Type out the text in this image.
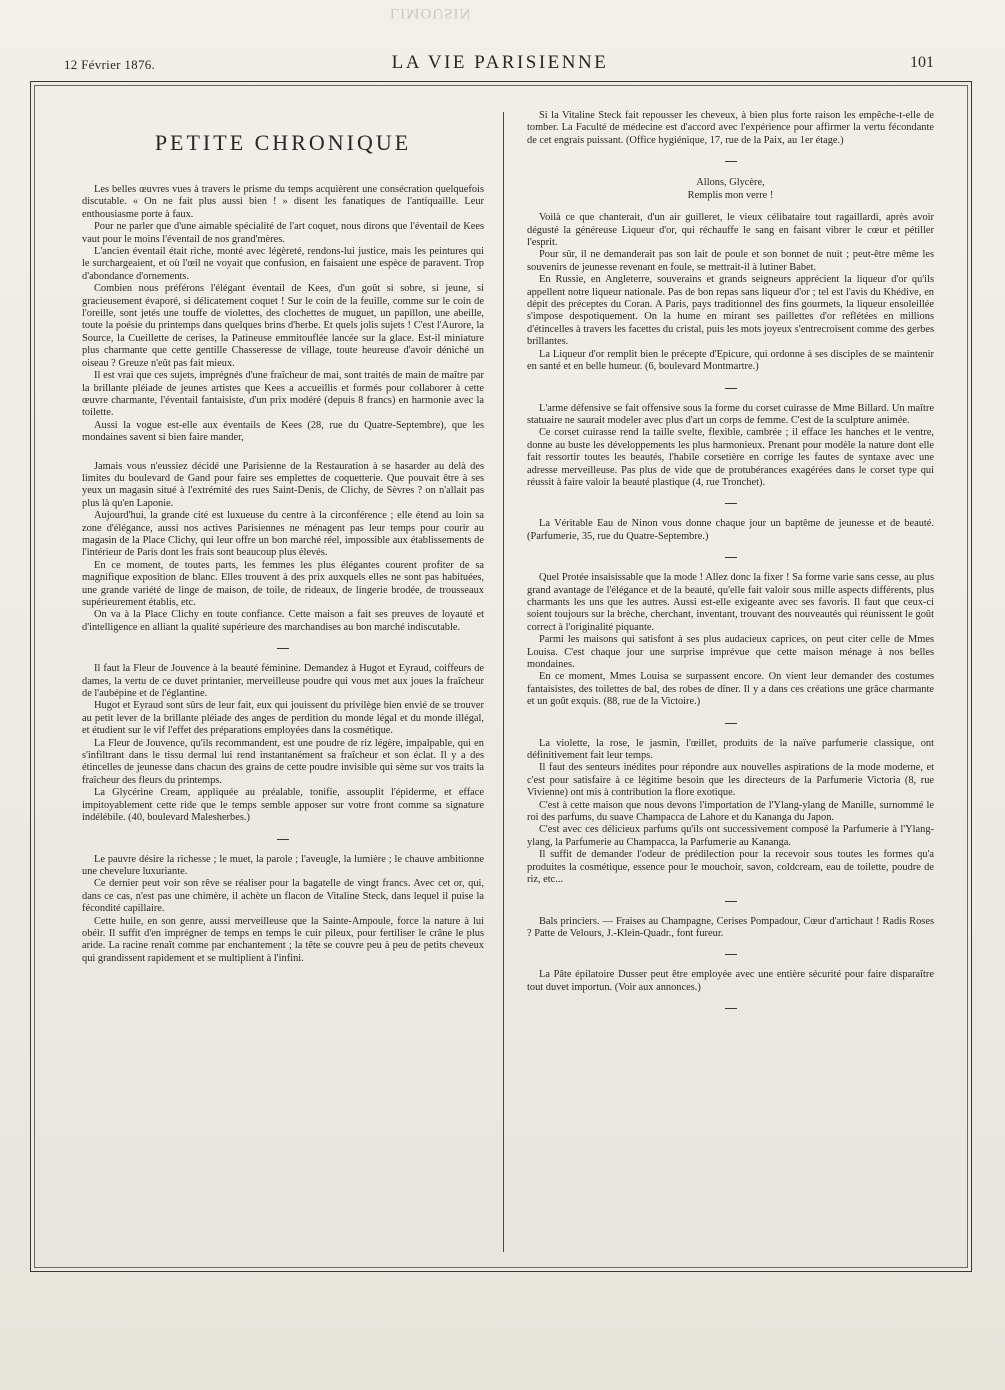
LIMOUSIN
12 Février 1876.	LA VIE PARISIENNE	101
PETITE CHRONIQUE

Les belles œuvres vues à travers le prisme du temps acquièrent une consécration quelquefois discutable. « On ne fait plus aussi bien ! » disent les fanatiques de l'antiquaille. Leur enthousiasme porte à faux.

Pour ne parler que d'une aimable spécialité de l'art coquet, nous dirons que l'éventail de Kees vaut pour le moins l'éventail de nos grand'mères.

L'ancien éventail était riche, monté avec légèreté, rendons-lui justice, mais les peintures qui le surchargeaient, et où l'œil ne voyait que confusion, en faisaient une espèce de paravent. Trop d'abondance d'ornements.

Combien nous préférons l'élégant éventail de Kees, d'un goût si sobre, si jeune, si gracieusement évaporé, si délicatement coquet ! Sur le coin de la feuille, comme sur le coin de l'oreille, sont jetés une touffe de violettes, des clochettes de muguet, un papillon, une abeille, toute la poésie du printemps dans quelques brins d'herbe. Et quels jolis sujets ! C'est l'Aurore, la Source, la Cueillette de cerises, la Patineuse emmitouflée lancée sur la glace. Est-il miniature plus charmante que cette gentille Chasseresse de village, toute heureuse d'avoir déniché un oiseau ? Greuze n'eût pas fait mieux.

Il est vrai que ces sujets, imprégnés d'une fraîcheur de mai, sont traités de main de maître par la brillante pléiade de jeunes artistes que Kees a accueillis et formés pour collaborer à cette œuvre charmante, l'éventail fantaisiste, d'un prix modéré (depuis 8 francs) en harmonie avec la toilette.

Aussi la vogue est-elle aux éventails de Kees (28, rue du Quatre-Septembre), que les mondaines savent si bien faire mander,

Jamais vous n'eussiez décidé une Parisienne de la Restauration à se hasarder au delà des limites du boulevard de Gand pour faire ses emplettes de coquetterie. Que pouvait être à ses yeux un magasin situé à l'extrémité des rues Saint-Denis, de Clichy, de Sèvres ? on n'allait pas plus là qu'en Laponie.

Aujourd'hui, la grande cité est luxueuse du centre à la circonférence ; elle étend au loin sa zone d'élégance, aussi nos actives Parisiennes ne ménagent pas leur temps pour courir au magasin de la Place Clichy, qui leur offre un bon marché réel, impossible aux établissements de l'intérieur de Paris dont les frais sont beaucoup plus élevés.

En ce moment, de toutes parts, les femmes les plus élégantes courent profiter de sa magnifique exposition de blanc. Elles trouvent à des prix auxquels elles ne sont pas habituées, une grande variété de linge de maison, de toile, de rideaux, de lingerie brodée, de trousseaux supérieurement établis, etc.

On va à la Place Clichy en toute confiance. Cette maison a fait ses preuves de loyauté et d'intelligence en alliant la qualité supérieure des marchandises au bon marché indiscutable.

Il faut la Fleur de Jouvence à la beauté féminine. Demandez à Hugot et Eyraud, coiffeurs de dames, la vertu de ce duvet printanier, merveilleuse poudre qui vous met aux joues la fraîcheur de l'aubépine et de l'églantine.

Hugot et Eyraud sont sûrs de leur fait, eux qui jouissent du privilège bien envié de se trouver au petit lever de la brillante pléiade des anges de perdition du monde légal et du monde illégal, et étudient sur le vif l'effet des préparations employées dans la cosmétique.

La Fleur de Jouvence, qu'ils recommandent, est une poudre de riz légère, impalpable, qui en s'infiltrant dans le tissu dermal lui rend instantanément sa fraîcheur et son éclat. Il y a des étincelles de jeunesse dans chacun des grains de cette poudre invisible qui sème sur vos traits la fraîcheur des fleurs du printemps.

La Glycérine Cream, appliquée au préalable, tonifie, assouplit l'épiderme, et efface impitoyablement cette ride que le temps semble apposer sur votre front comme sa signature indélébile. (40, boulevard Malesherbes.)

Le pauvre désire la richesse ; le muet, la parole ; l'aveugle, la lumière ; le chauve ambitionne une chevelure luxuriante.

Ce dernier peut voir son rêve se réaliser pour la bagatelle de vingt francs. Avec cet or, qui, dans ce cas, n'est pas une chimère, il achète un flacon de Vitaline Steck, dans lequel il puise la fécondité capillaire.

Cette huile, en son genre, aussi merveilleuse que la Sainte-Ampoule, force la nature à lui obéir. Il suffit d'en imprégner de temps en temps le cuir pileux, pour fertiliser le crâne le plus aride. La racine renaît comme par enchantement ; la tête se couvre peu à peu de petits cheveux qui grandissent rapidement et se multiplient à l'infini.

Si la Vitaline Steck fait repousser les cheveux, à bien plus forte raison les empêche-t-elle de tomber. La Faculté de médecine est d'accord avec l'expérience pour affirmer la vertu fécondante de cet engrais puissant. (Office hygiénique, 17, rue de la Paix, au 1er étage.)

Allons, Glycère,
Remplis mon verre !

Voilà ce que chanterait, d'un air guilleret, le vieux célibataire tout ragaillardi, après avoir dégusté la généreuse Liqueur d'or, qui réchauffe le sang en faisant vibrer le cœur et pétiller l'esprit.

Pour sûr, il ne demanderait pas son lait de poule et son bonnet de nuit ; peut-être même les souvenirs de jeunesse revenant en foule, se mettrait-il à lutiner Babet.

En Russie, en Angleterre, souverains et grands seigneurs apprécient la liqueur d'or qu'ils appellent notre liqueur nationale. Pas de bon repas sans liqueur d'or ; tel est l'avis du Khédive, en dépit des préceptes du Coran. A Paris, pays traditionnel des fins gourmets, la liqueur ensoleillée s'impose despotiquement. On la hume en mirant ses paillettes d'or reflétées en millions d'étincelles à travers les facettes du cristal, puis les mots joyeux s'entrecroisent comme des gerbes brillantes.

La Liqueur d'or remplit bien le précepte d'Epicure, qui ordonne à ses disciples de se maintenir en santé et en belle humeur. (6, boulevard Montmartre.)

L'arme défensive se fait offensive sous la forme du corset cuirasse de Mme Billard. Un maître statuaire ne saurait modeler avec plus d'art un corps de femme. C'est de la sculpture animée.

Ce corset cuirasse rend la taille svelte, flexible, cambrée ; il efface les hanches et le ventre, donne au buste les développements les plus harmonieux. Prenant pour modèle la nature dont elle fait ressortir toutes les beautés, l'habile corsetière en corrige les fautes de syntaxe avec une adresse merveilleuse. Pas plus de vide que de protubérances exagérées dans le corset type qui réussit à faire valoir la beauté plastique (4, rue Tronchet).

La Véritable Eau de Ninon vous donne chaque jour un baptême de jeunesse et de beauté. (Parfumerie, 35, rue du Quatre-Septembre.)

Quel Protée insaisissable que la mode ! Allez donc la fixer ! Sa forme varie sans cesse, au plus grand avantage de l'élégance et de la beauté, qu'elle fait valoir sous mille aspects différents, plus charmants les uns que les autres. Aussi est-elle exigeante avec ses favoris. Il faut que ceux-ci soient toujours sur la brèche, cherchant, inventant, trouvant des nouveautés qui réunissent le goût correct à l'originalité piquante.

Parmi les maisons qui satisfont à ses plus audacieux caprices, on peut citer celle de Mmes Louisa. C'est chaque jour une surprise imprévue que cette maison ménage à nos belles mondaines.

En ce moment, Mmes Louisa se surpassent encore. On vient leur demander des costumes fantaisistes, des toilettes de bal, des robes de dîner. Il y a dans ces créations une grâce charmante et un goût exquis. (88, rue de la Victoire.)

La violette, la rose, le jasmin, l'œillet, produits de la naïve parfumerie classique, ont définitivement fait leur temps.

Il faut des senteurs inédites pour répondre aux nouvelles aspirations de la mode moderne, et c'est pour satisfaire à ce légitime besoin que les directeurs de la Parfumerie Victoria (8, rue Vivienne) ont mis à contribution la flore exotique.

C'est à cette maison que nous devons l'importation de l'Ylang-ylang de Manille, surnommé le roi des parfums, du suave Champacca de Lahore et du Kananga du Japon.

C'est avec ces délicieux parfums qu'ils ont successivement composé la Parfumerie à l'Ylang-ylang, la Parfumerie au Champacca, la Parfumerie au Kananga.

Il suffit de demander l'odeur de prédilection pour la recevoir sous toutes les formes qu'a produites la cosmétique, essence pour le mouchoir, savon, coldcream, eau de toilette, poudre de riz, etc...

Bals princiers. — Fraises au Champagne, Cerises Pompadour, Cœur d'artichaut ! Radis Roses ? Patte de Velours, J.-Klein-Quadr., font fureur.

La Pâte épilatoire Dusser peut être employée avec une entière sécurité pour faire disparaître tout duvet importun. (Voir aux annonces.)
